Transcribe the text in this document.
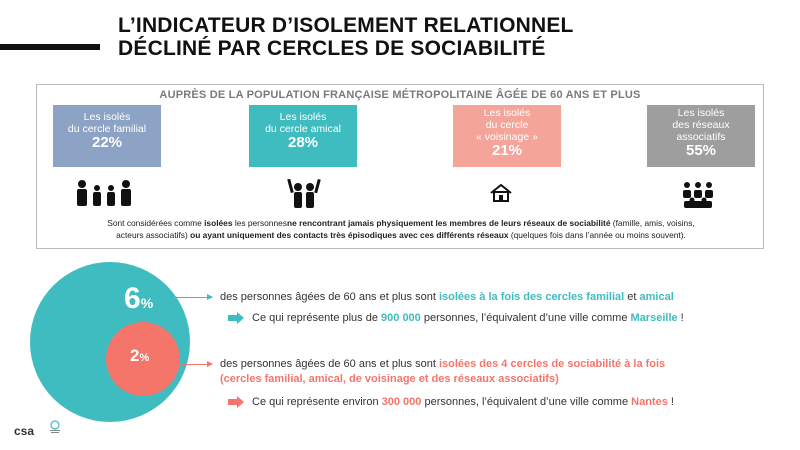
L’INDICATEUR D’ISOLEMENT RELATIONNEL
DÉCLINÉ PAR CERCLES DE SOCIABILITÉ
AUPRÈS DE LA POPULATION FRANÇAISE MÉTROPOLITAINE ÂGÉE DE 60 ANS ET PLUS
Les isolés
du cercle familial
22%
Les isolés
du cercle amical
28%
Les isolés
du cercle
« voisinage »
21%
Les isolés
des réseaux
associatifs
55%
Sont considérées comme isolées les personnesne rencontrant jamais physiquement les membres de leurs réseaux de sociabilité (famille, amis, voisins,
acteurs associatifs) ou ayant uniquement des contacts très épisodiques avec ces différents réseaux (quelques fois dans l’année ou moins souvent).
6%
2%
des personnes âgées de 60 ans et plus sont isolées à la fois des cercles familial et amical
Ce qui représente plus de 900 000 personnes, l’équivalent d’une ville comme Marseille !
des personnes âgées de 60 ans et plus sont isolées des 4 cercles de sociabilité à la fois
(cercles familial, amical, de voisinage et des réseaux associatifs)
Ce qui représente environ 300 000 personnes, l’équivalent d’une ville comme Nantes !
csa
